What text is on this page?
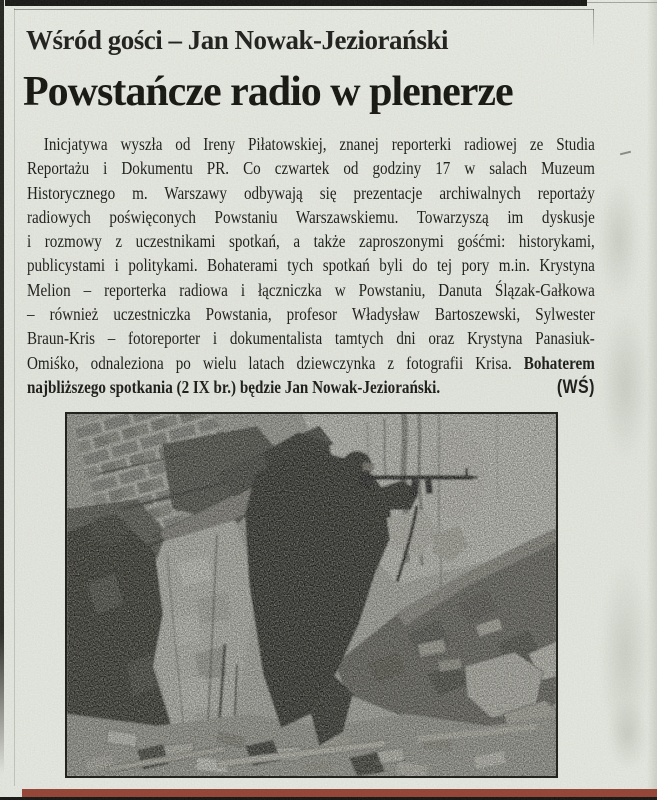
Wśród gości – Jan Nowak-Jeziorański
Powstańcze radio w plenerze
Inicjatywa wyszła od Ireny Piłatowskiej, znanej reporterki radiowej ze Studia
Reportażu i Dokumentu PR. Co czwartek od godziny 17 w salach Muzeum
Historycznego m. Warszawy odbywają się prezentacje archiwalnych reportaży
radiowych poświęconych Powstaniu Warszawskiemu. Towarzyszą im dyskusje
i rozmowy z uczestnikami spotkań, a także zaproszonymi gośćmi: historykami,
publicystami i politykami. Bohaterami tych spotkań byli do tej pory m.in. Krystyna
Melion – reporterka radiowa i łączniczka w Powstaniu, Danuta Ślązak-Gałkowa
– również uczestniczka Powstania, profesor Władysław Bartoszewski, Sylwester
Braun-Kris – fotoreporter i dokumentalista tamtych dni oraz Krystyna Panasiuk-
Omiśko, odnaleziona po wielu latach dziewczynka z fotografii Krisa. Bohaterem
najbliższego spotkania (2 IX br.) będzie Jan Nowak-Jeziorański.	(WŚ)
